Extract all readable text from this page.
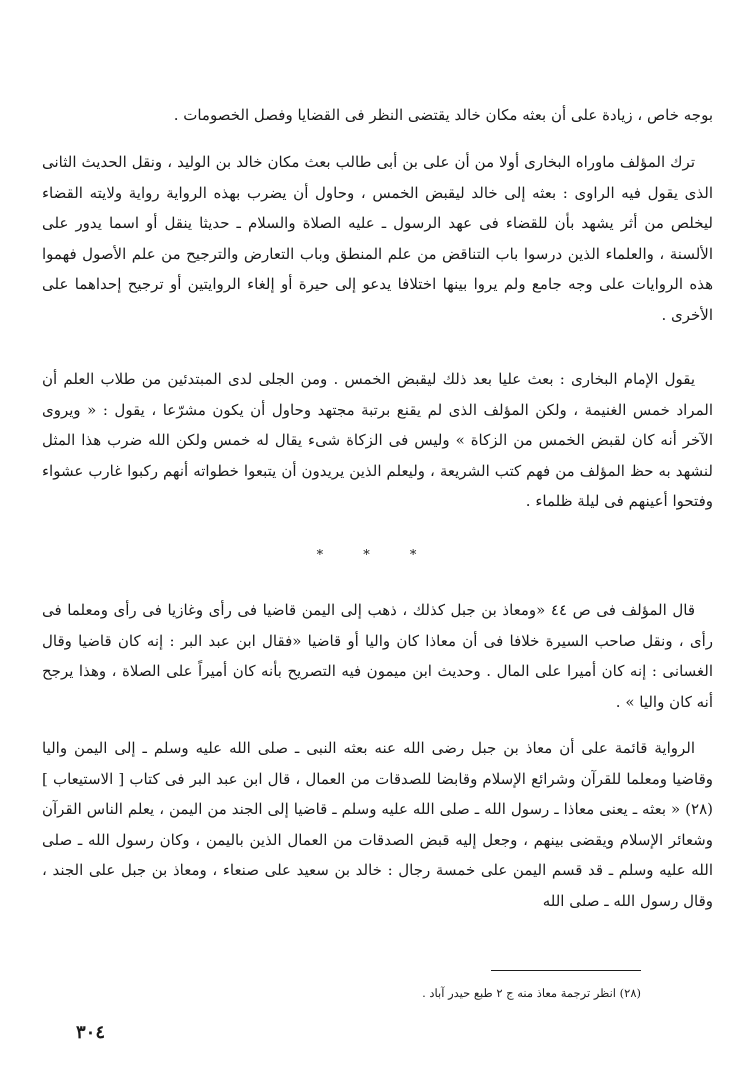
بوجه خاص ، زيادة على أن بعثه مكان خالد يقتضى النظر فى القضايا وفصل الخصومات .

ترك المؤلف ماوراه البخارى أولا من أن على بن أبى طالب بعث مكان خالد بن الوليد ، ونقل الحديث الثانى الذى يقول فيه الراوى : بعثه إلى خالد ليقبض الخمس ، وحاول أن يضرب بهذه الرواية رواية ولايته القضاء ليخلص من أثر يشهد بأن للقضاء فى عهد الرسول ـ عليه الصلاة والسلام ـ حديثا ينقل أو اسما يدور على الألسنة ، والعلماء الذين درسوا باب التناقض من علم المنطق وباب التعارض والترجيح من علم الأصول فهموا هذه الروايات على وجه جامع ولم يروا بينها اختلافا يدعو إلى حيرة أو إلغاء الروايتين أو ترجيح إحداهما على الأخرى .

يقول الإمام البخارى : بعث عليا بعد ذلك ليقبض الخمس . ومن الجلى لدى المبتدئين من طلاب العلم أن المراد خمس الغنيمة ، ولكن المؤلف الذى لم يقنع برتبة مجتهد وحاول أن يكون مشرّعا ، يقول : « ويروى الآخر أنه كان لقبض الخمس من الزكاة » وليس فى الزكاة شىء يقال له خمس ولكن الله ضرب هذا المثل لنشهد به حظ المؤلف من فهم كتب الشريعة ، وليعلم الذين يريدون أن يتبعوا خطواته أنهم ركبوا غارب عشواء وفتحوا أعينهم فى ليلة ظلماء .

* * *

قال المؤلف فى ص ٤٤ «ومعاذ بن جبل كذلك ، ذهب إلى اليمن قاضيا فى رأى وغازيا فى رأى ومعلما فى رأى ، ونقل صاحب السيرة خلافا فى أن معاذا كان واليا أو قاضيا «فقال ابن عبد البر : إنه كان قاضيا وقال الغسانى : إنه كان أميرا على المال . وحديث ابن ميمون فيه التصريح بأنه كان أميراً على الصلاة ، وهذا يرجح أنه كان واليا » .

الرواية قائمة على أن معاذ بن جبل رضى الله عنه بعثه النبى ـ صلى الله عليه وسلم ـ إلى اليمن واليا وقاضيا ومعلما للقرآن وشرائع الإسلام وقابضا للصدقات من العمال ، قال ابن عبد البر فى كتاب [ الاستيعاب ](٢٨) « بعثه ـ يعنى معاذا ـ رسول الله ـ صلى الله عليه وسلم ـ قاضيا إلى الجند من اليمن ، يعلم الناس القرآن وشعائر الإسلام ويقضى بينهم ، وجعل إليه قبض الصدقات من العمال الذين باليمن ، وكان رسول الله ـ صلى الله عليه وسلم ـ قد قسم اليمن على خمسة رجال : خالد بن سعيد على صنعاء ، ومعاذ بن جبل على الجند ، وقال رسول الله ـ صلى الله

(٢٨) انظر ترجمة معاذ منه ج ٢ طبع حيدر آباد .
٣٠٤
